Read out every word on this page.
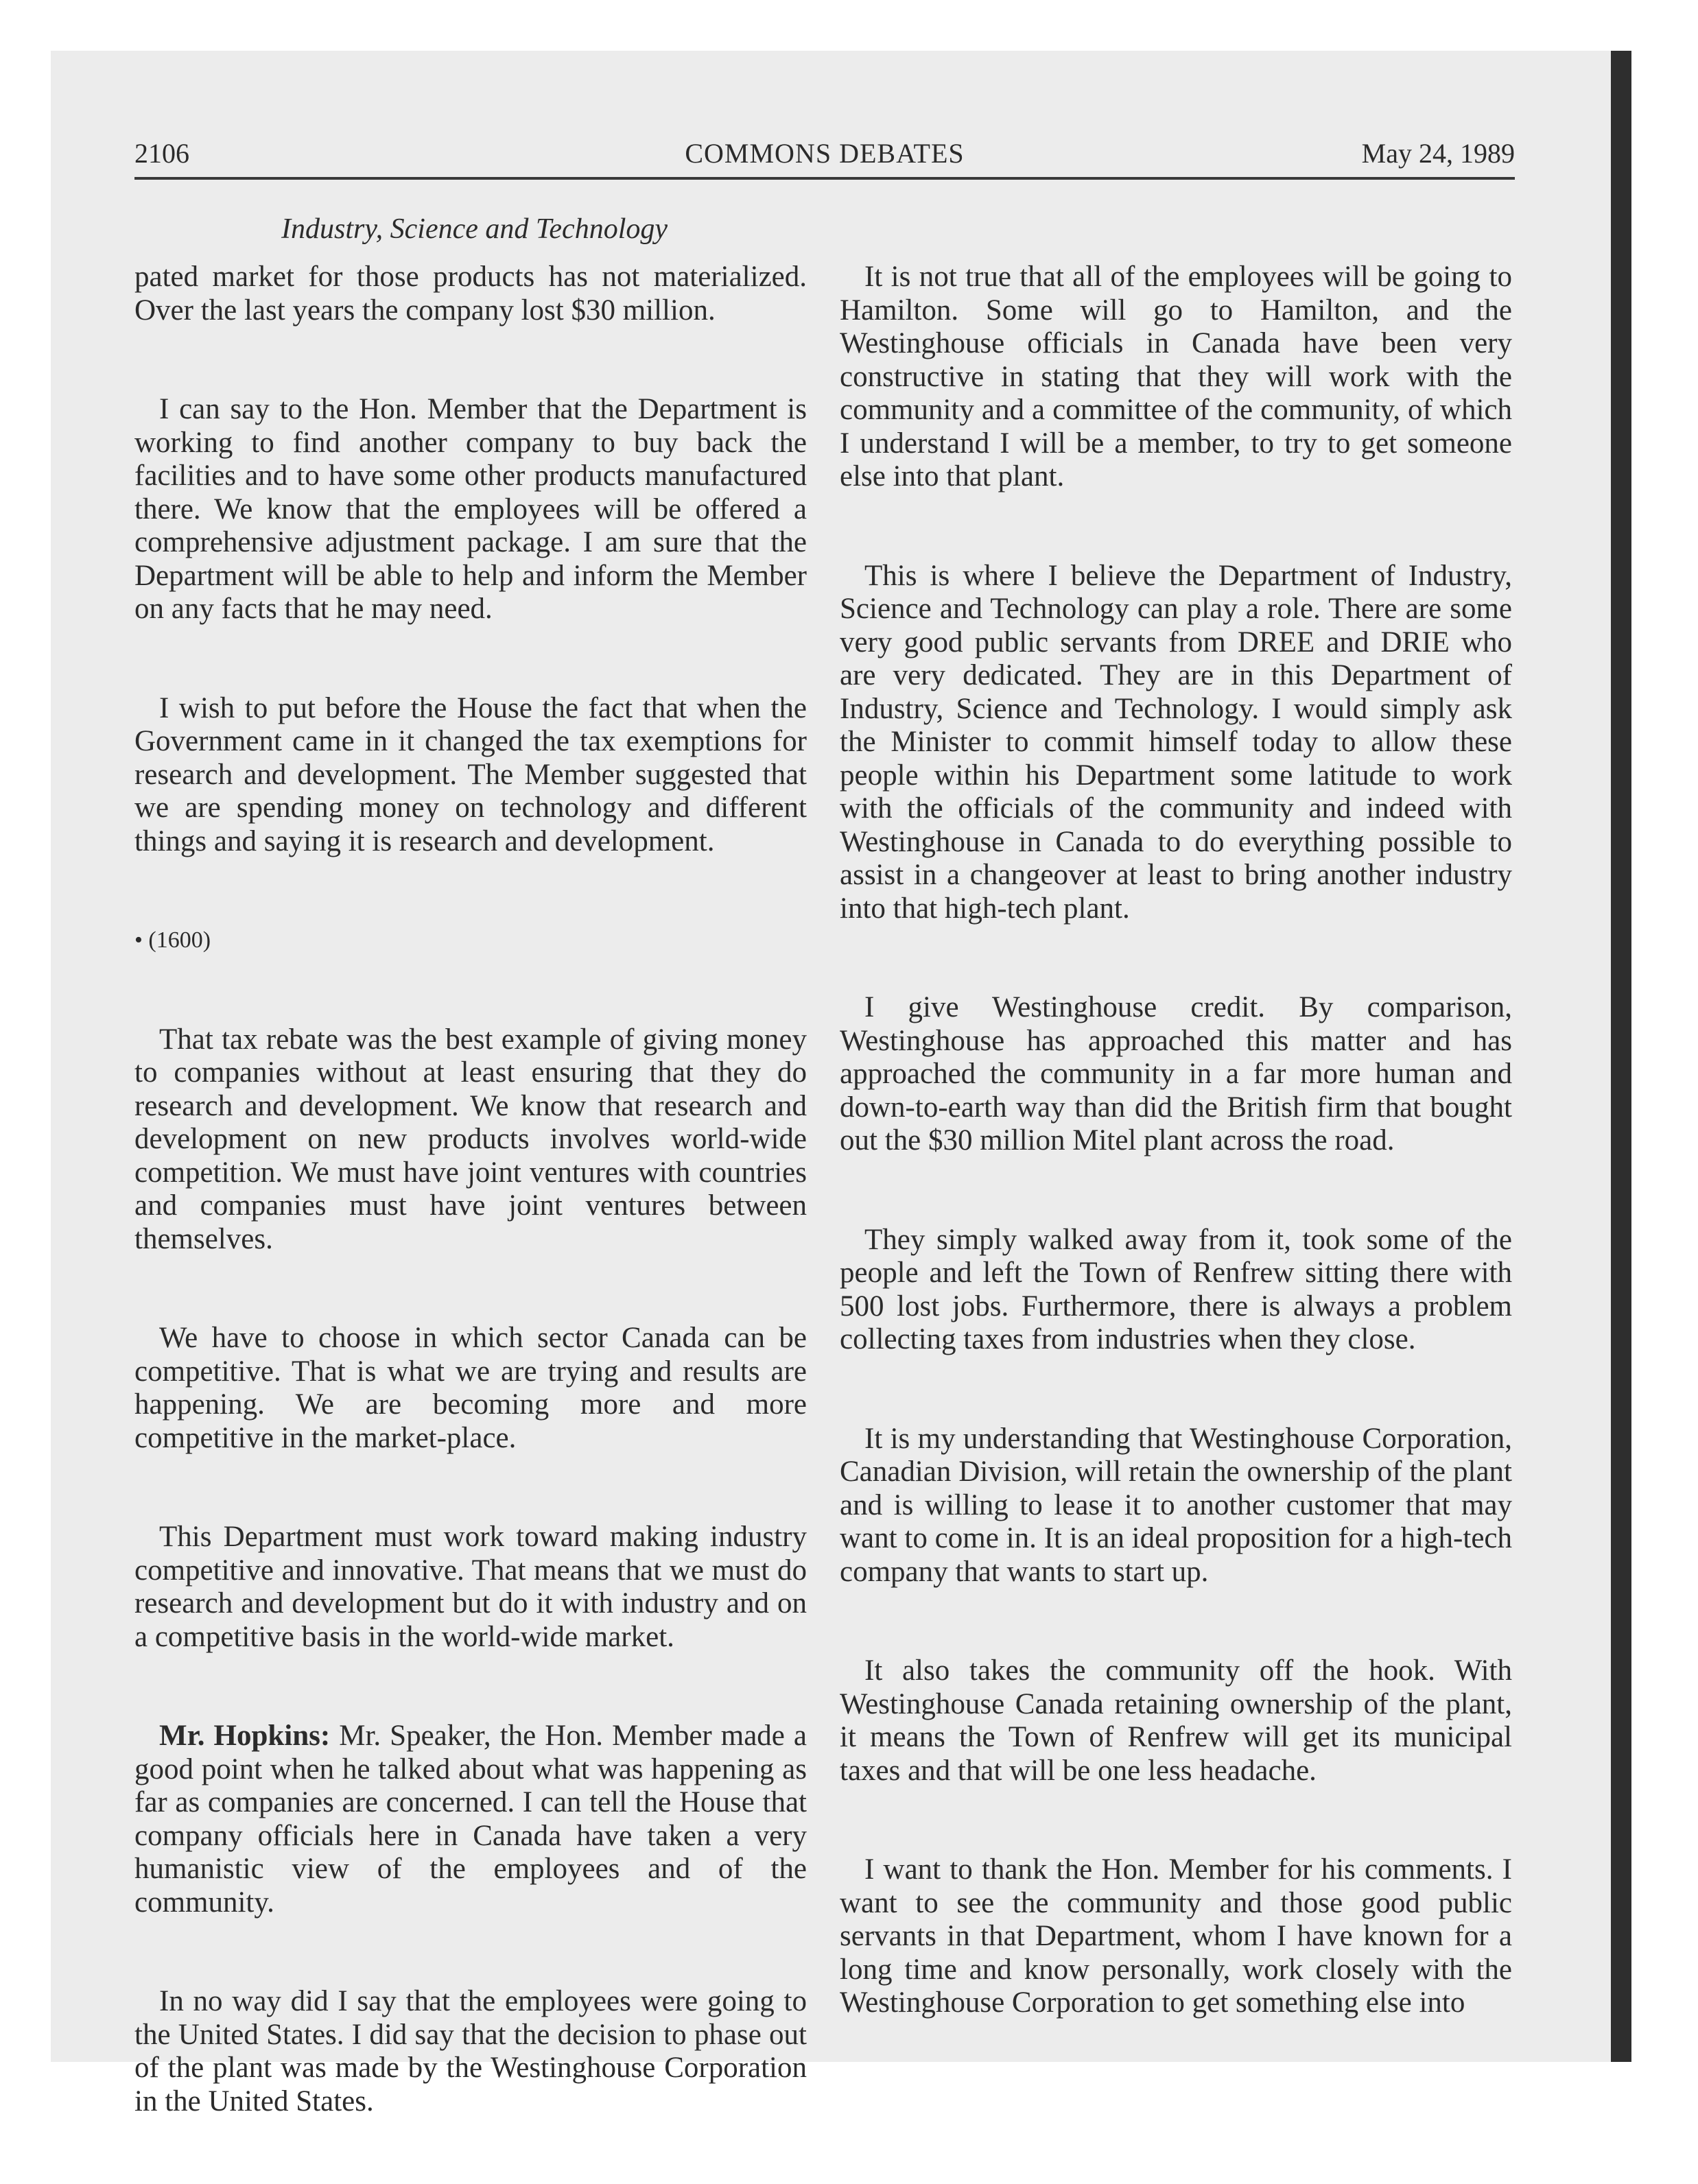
2106	COMMONS DEBATES	May 24, 1989
Industry, Science and Technology

pated market for those products has not materialized. Over the last years the company lost $30 million.

I can say to the Hon. Member that the Department is working to find another company to buy back the facilities and to have some other products manufactured there. We know that the employees will be offered a comprehensive adjustment package. I am sure that the Department will be able to help and inform the Member on any facts that he may need.

I wish to put before the House the fact that when the Government came in it changed the tax exemptions for research and development. The Member suggested that we are spending money on technology and different things and saying it is research and development.

• (1600)

That tax rebate was the best example of giving money to companies without at least ensuring that they do research and development. We know that research and development on new products involves world-wide competition. We must have joint ventures with countries and companies must have joint ventures between themselves.

We have to choose in which sector Canada can be competitive. That is what we are trying and results are happening. We are becoming more and more competitive in the market-place.

This Department must work toward making industry competitive and innovative. That means that we must do research and development but do it with industry and on a competitive basis in the world-wide market.

Mr. Hopkins: Mr. Speaker, the Hon. Member made a good point when he talked about what was happening as far as companies are concerned. I can tell the House that company officials here in Canada have taken a very humanistic view of the employees and of the community.

In no way did I say that the employees were going to the United States. I did say that the decision to phase out of the plant was made by the Westinghouse Corporation in the United States.

It is not true that all of the employees will be going to Hamilton. Some will go to Hamilton, and the Westinghouse officials in Canada have been very constructive in stating that they will work with the community and a committee of the community, of which I understand I will be a member, to try to get someone else into that plant.

This is where I believe the Department of Industry, Science and Technology can play a role. There are some very good public servants from DREE and DRIE who are very dedicated. They are in this Department of Industry, Science and Technology. I would simply ask the Minister to commit himself today to allow these people within his Department some latitude to work with the officials of the community and indeed with Westinghouse in Canada to do everything possible to assist in a changeover at least to bring another industry into that high-tech plant.

I give Westinghouse credit. By comparison, Westinghouse has approached this matter and has approached the community in a far more human and down-to-earth way than did the British firm that bought out the $30 million Mitel plant across the road.

They simply walked away from it, took some of the people and left the Town of Renfrew sitting there with 500 lost jobs. Furthermore, there is always a problem collecting taxes from industries when they close.

It is my understanding that Westinghouse Corporation, Canadian Division, will retain the ownership of the plant and is willing to lease it to another customer that may want to come in. It is an ideal proposition for a high-tech company that wants to start up.

It also takes the community off the hook. With Westinghouse Canada retaining ownership of the plant, it means the Town of Renfrew will get its municipal taxes and that will be one less headache.

I want to thank the Hon. Member for his comments. I want to see the community and those good public servants in that Department, whom I have known for a long time and know personally, work closely with the Westinghouse Corporation to get something else into
